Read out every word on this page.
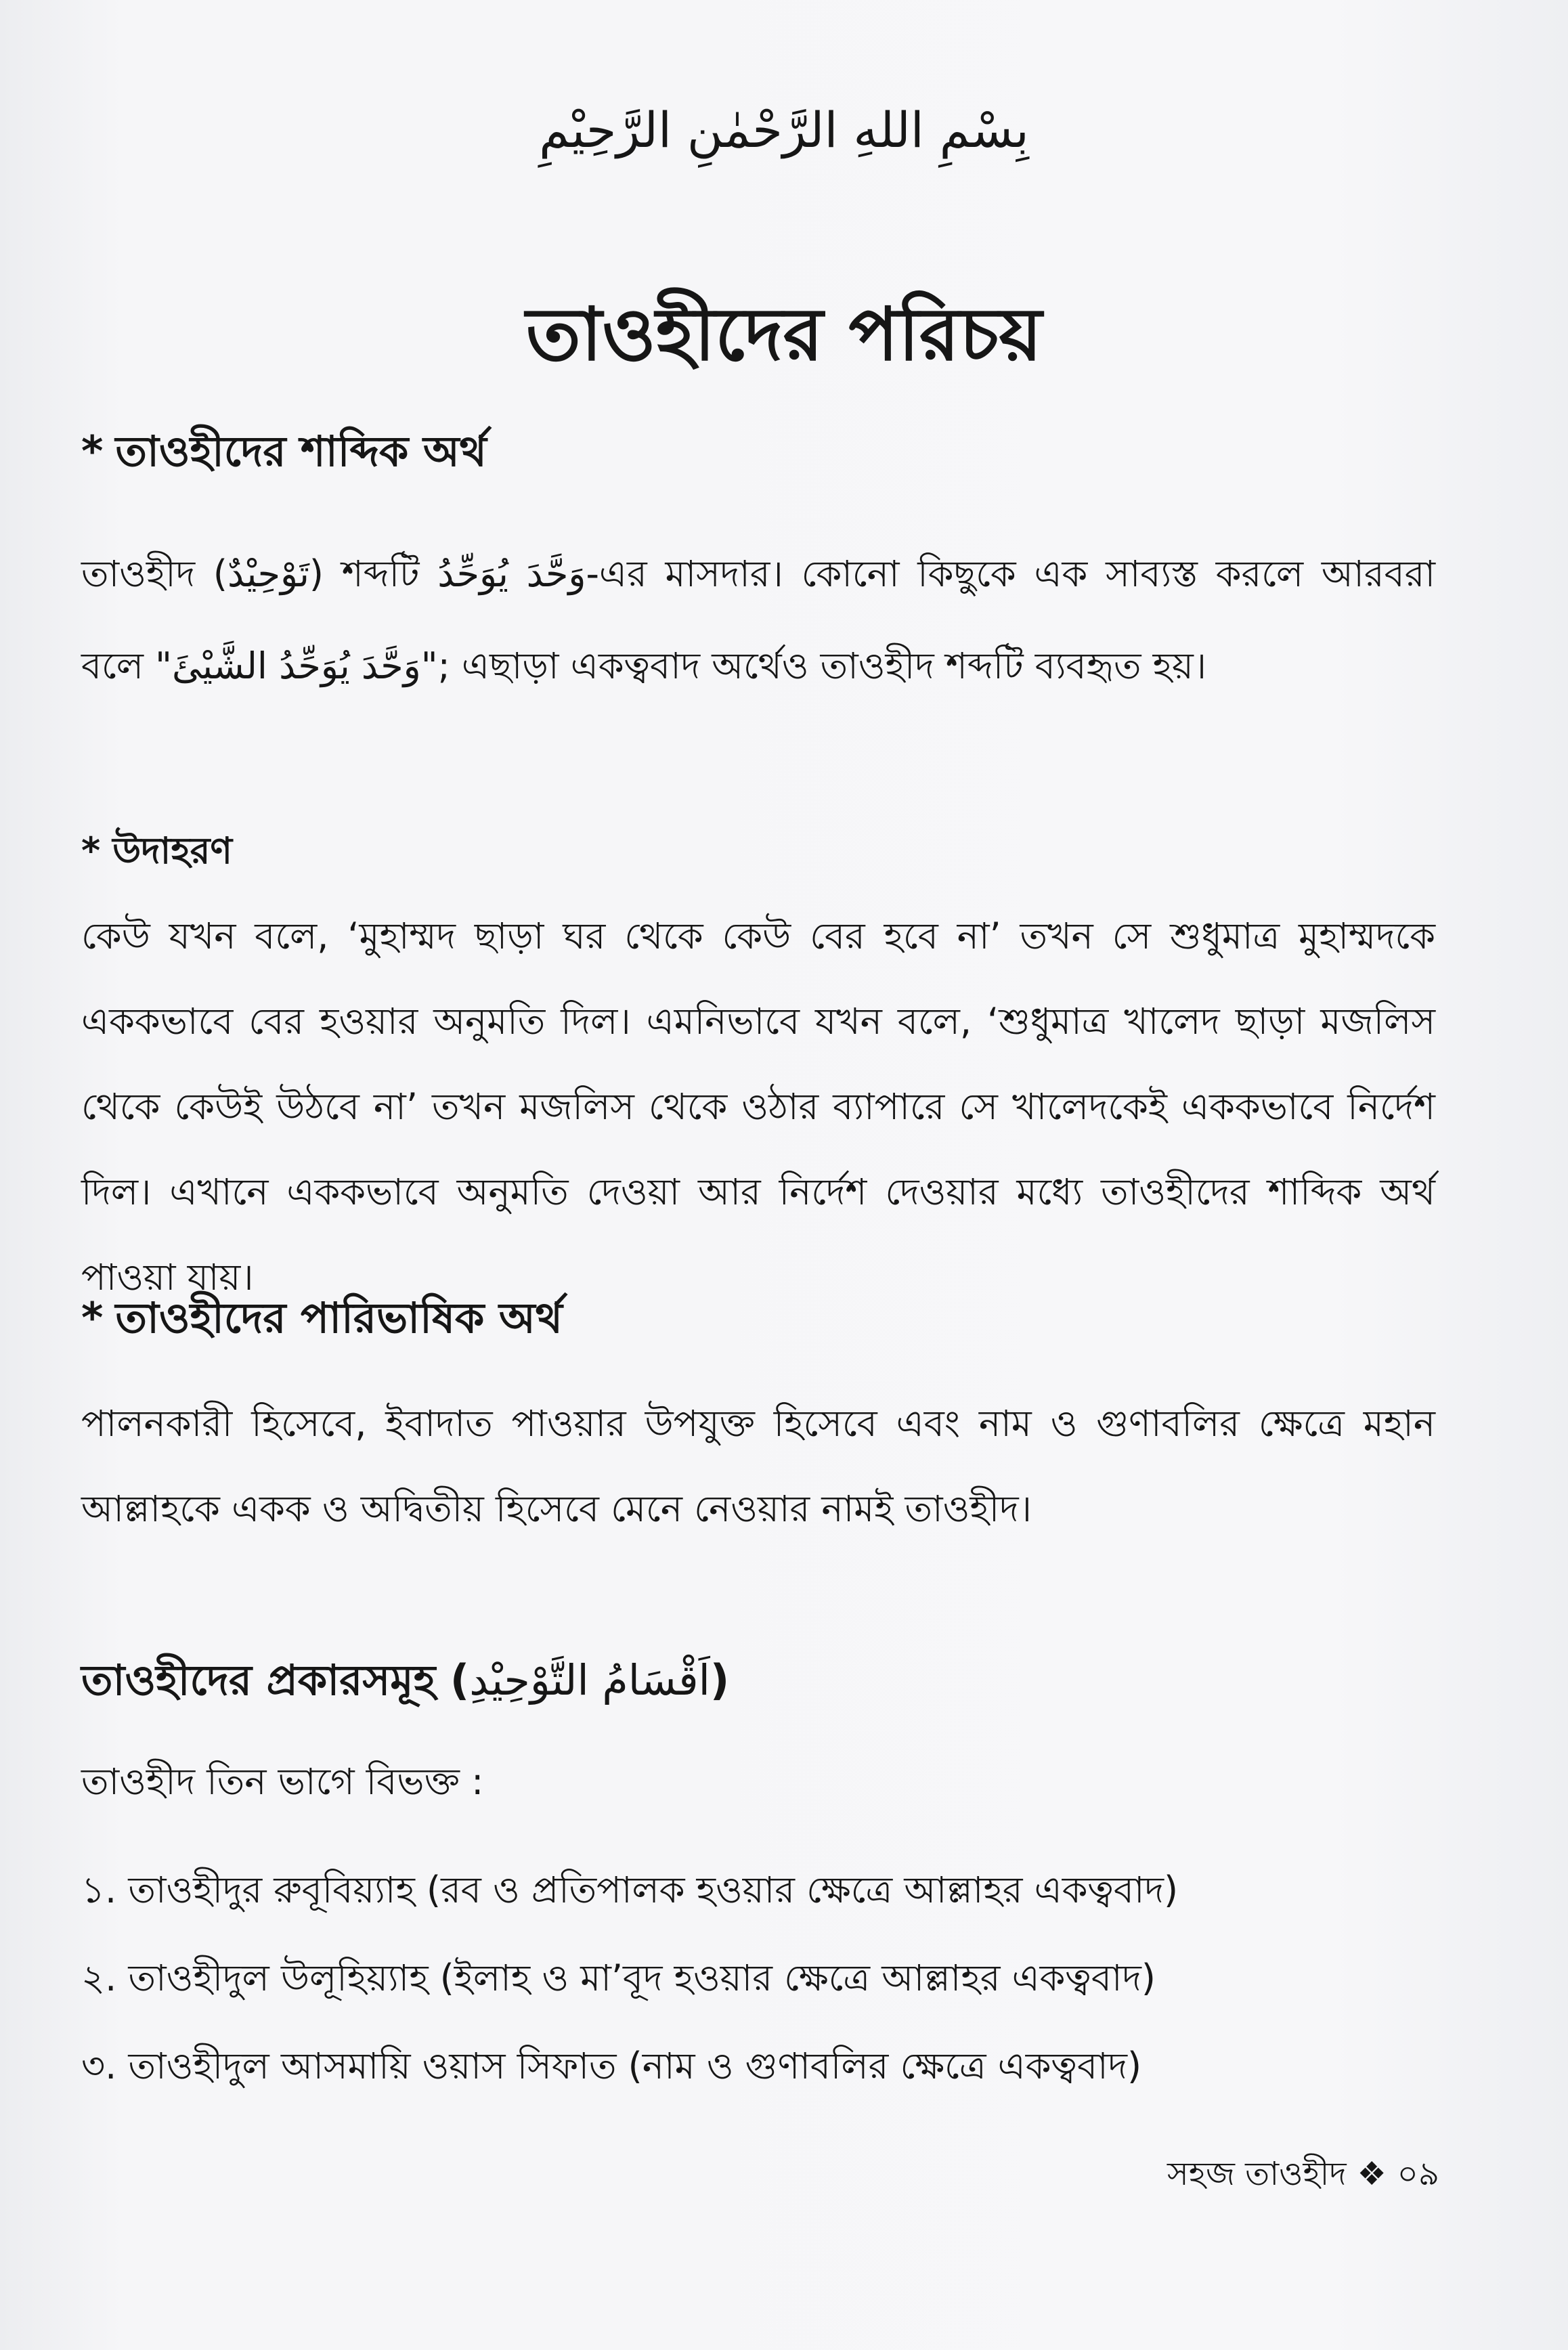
بِسْمِ اللهِ الرَّحْمٰنِ الرَّحِيْمِ
তাওহীদের পরিচয়
* তাওহীদের শাব্দিক অর্থ
তাওহীদ (تَوْحِيْدٌ) শব্দটি وَحَّدَ يُوَحِّدُ-এর মাসদার। কোনো কিছুকে এক সাব্যস্ত করলে আরবরা বলে "وَحَّدَ يُوَحِّدُ الشَّيْئَ"; এছাড়া একত্ববাদ অর্থেও তাওহীদ শব্দটি ব্যবহৃত হয়।
* উদাহরণ
কেউ যখন বলে, ‘মুহাম্মদ ছাড়া ঘর থেকে কেউ বের হবে না’ তখন সে শুধুমাত্র মুহাম্মদকে এককভাবে বের হওয়ার অনুমতি দিল। এমনিভাবে যখন বলে, ‘শুধুমাত্র খালেদ ছাড়া মজলিস থেকে কেউই উঠবে না’ তখন মজলিস থেকে ওঠার ব্যাপারে সে খালেদকেই এককভাবে নির্দেশ দিল। এখানে এককভাবে অনুমতি দেওয়া আর নির্দেশ দেওয়ার মধ্যে তাওহীদের শাব্দিক অর্থ পাওয়া যায়।
* তাওহীদের পারিভাষিক অর্থ
পালনকারী হিসেবে, ইবাদাত পাওয়ার উপযুক্ত হিসেবে এবং নাম ও গুণাবলির ক্ষেত্রে মহান আল্লাহকে একক ও অদ্বিতীয় হিসেবে মেনে নেওয়ার নামই তাওহীদ।
তাওহীদের প্রকারসমূহ (اَقْسَامُ التَّوْحِيْدِ)
তাওহীদ তিন ভাগে বিভক্ত :
১. তাওহীদুর রুবূবিয়্যাহ (রব ও প্রতিপালক হওয়ার ক্ষেত্রে আল্লাহর একত্ববাদ)
২. তাওহীদুল উলূহিয়্যাহ (ইলাহ ও মা’বূদ হওয়ার ক্ষেত্রে আল্লাহর একত্ববাদ)
৩. তাওহীদুল আসমায়ি ওয়াস সিফাত (নাম ও গুণাবলির ক্ষেত্রে একত্ববাদ)
সহজ তাওহীদ ❖ ০৯
